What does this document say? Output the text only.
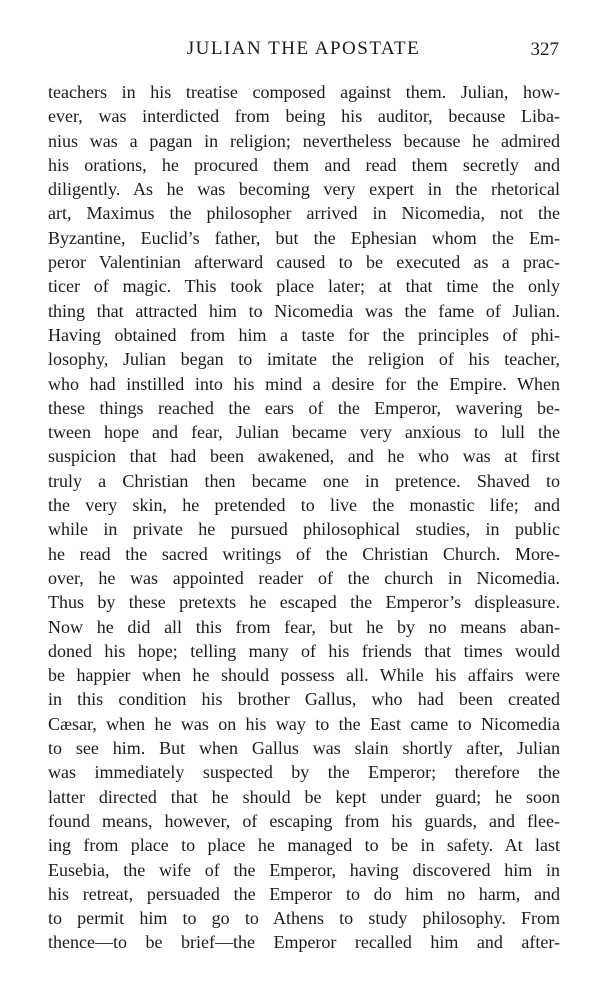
JULIAN THE APOSTATE	327
teachers in his treatise composed against them. Julian, how-
ever, was interdicted from being his auditor, because Liba-
nius was a pagan in religion; nevertheless because he admired
his orations, he procured them and read them secretly and
diligently. As he was becoming very expert in the rhetorical
art, Maximus the philosopher arrived in Nicomedia, not the
Byzantine, Euclid’s father, but the Ephesian whom the Em-
peror Valentinian afterward caused to be executed as a prac-
ticer of magic. This took place later; at that time the only
thing that attracted him to Nicomedia was the fame of Julian.
Having obtained from him a taste for the principles of phi-
losophy, Julian began to imitate the religion of his teacher,
who had instilled into his mind a desire for the Empire. When
these things reached the ears of the Emperor, wavering be-
tween hope and fear, Julian became very anxious to lull the
suspicion that had been awakened, and he who was at first
truly a Christian then became one in pretence. Shaved to
the very skin, he pretended to live the monastic life; and
while in private he pursued philosophical studies, in public
he read the sacred writings of the Christian Church. More-
over, he was appointed reader of the church in Nicomedia.
Thus by these pretexts he escaped the Emperor’s displeasure.
Now he did all this from fear, but he by no means aban-
doned his hope; telling many of his friends that times would
be happier when he should possess all. While his affairs were
in this condition his brother Gallus, who had been created
Cæsar, when he was on his way to the East came to Nicomedia
to see him. But when Gallus was slain shortly after, Julian
was immediately suspected by the Emperor; therefore the
latter directed that he should be kept under guard; he soon
found means, however, of escaping from his guards, and flee-
ing from place to place he managed to be in safety. At last
Eusebia, the wife of the Emperor, having discovered him in
his retreat, persuaded the Emperor to do him no harm, and
to permit him to go to Athens to study philosophy. From
thence—to be brief—the Emperor recalled him and after-
